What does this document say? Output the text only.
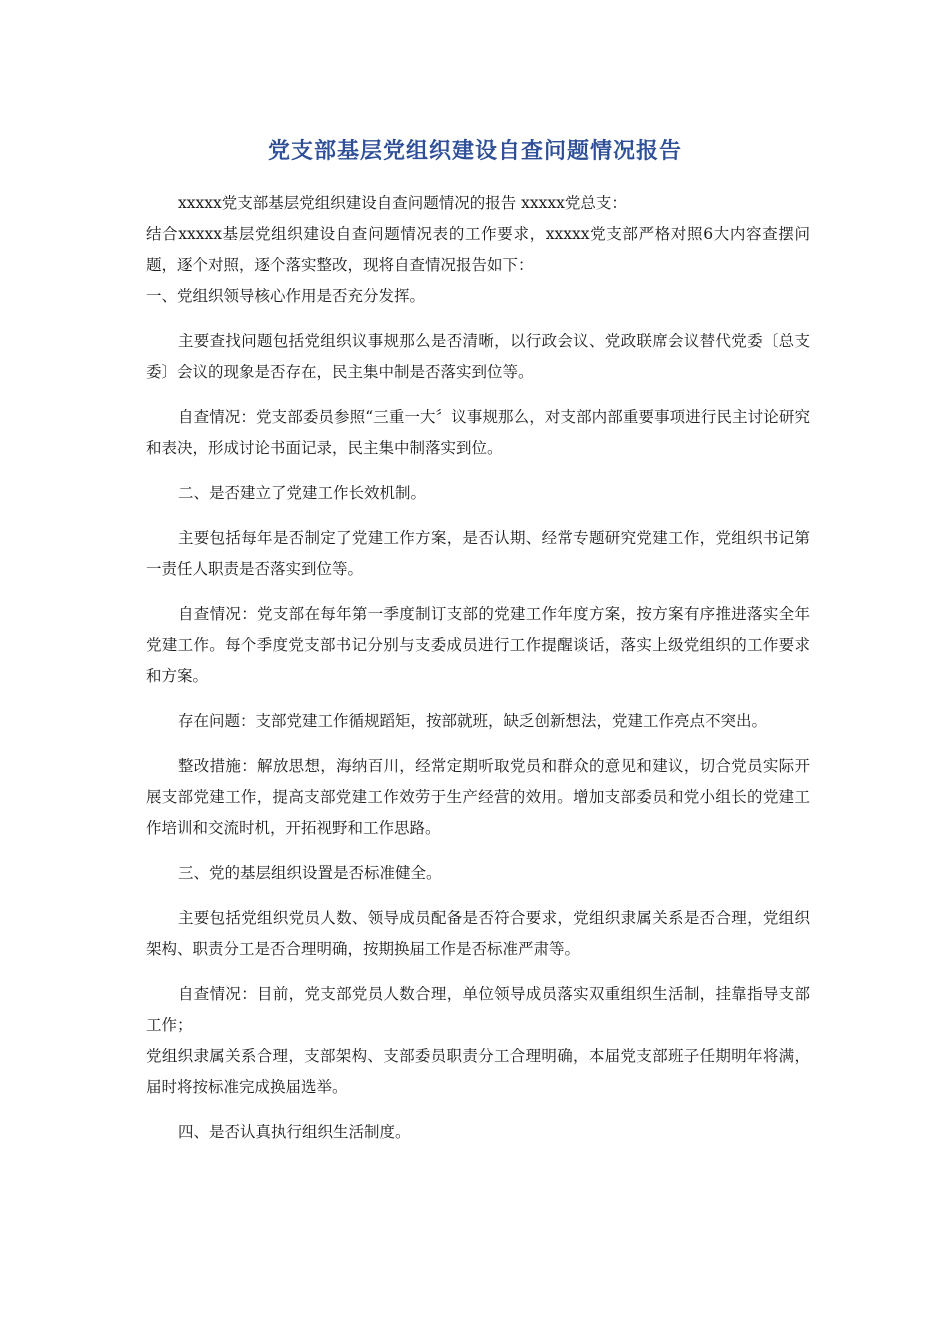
党支部基层党组织建设自查问题情况报告

xxxxx党支部基层党组织建设自查问题情况的报告 xxxxx党总支：

结合xxxxx基层党组织建设自查问题情况表的工作要求，xxxxx党支部严格对照6大内容查摆问题，逐个对照，逐个落实整改，现将自查情况报告如下：

一、党组织领导核心作用是否充分发挥。

主要查找问题包括党组织议事规那么是否清晰，以行政会议、党政联席会议替代党委〔总支委〕会议的现象是否存在，民主集中制是否落实到位等。

自查情况：党支部委员参照“三重一大〞议事规那么，对支部内部重要事项进行民主讨论研究和表决，形成讨论书面记录，民主集中制落实到位。

二、是否建立了党建工作长效机制。

主要包括每年是否制定了党建工作方案，是否认期、经常专题研究党建工作，党组织书记第一责任人职责是否落实到位等。

自查情况：党支部在每年第一季度制订支部的党建工作年度方案，按方案有序推进落实全年党建工作。每个季度党支部书记分别与支委成员进行工作提醒谈话，落实上级党组织的工作要求和方案。

存在问题：支部党建工作循规蹈矩，按部就班，缺乏创新想法，党建工作亮点不突出。

整改措施：解放思想，海纳百川，经常定期听取党员和群众的意见和建议，切合党员实际开展支部党建工作，提高支部党建工作效劳于生产经营的效用。增加支部委员和党小组长的党建工作培训和交流时机，开拓视野和工作思路。

三、党的基层组织设置是否标准健全。

主要包括党组织党员人数、领导成员配备是否符合要求，党组织隶属关系是否合理，党组织架构、职责分工是否合理明确，按期换届工作是否标准严肃等。

自查情况：目前，党支部党员人数合理，单位领导成员落实双重组织生活制，挂靠指导支部工作；

党组织隶属关系合理，支部架构、支部委员职责分工合理明确，本届党支部班子任期明年将满，届时将按标准完成换届选举。

四、是否认真执行组织生活制度。
